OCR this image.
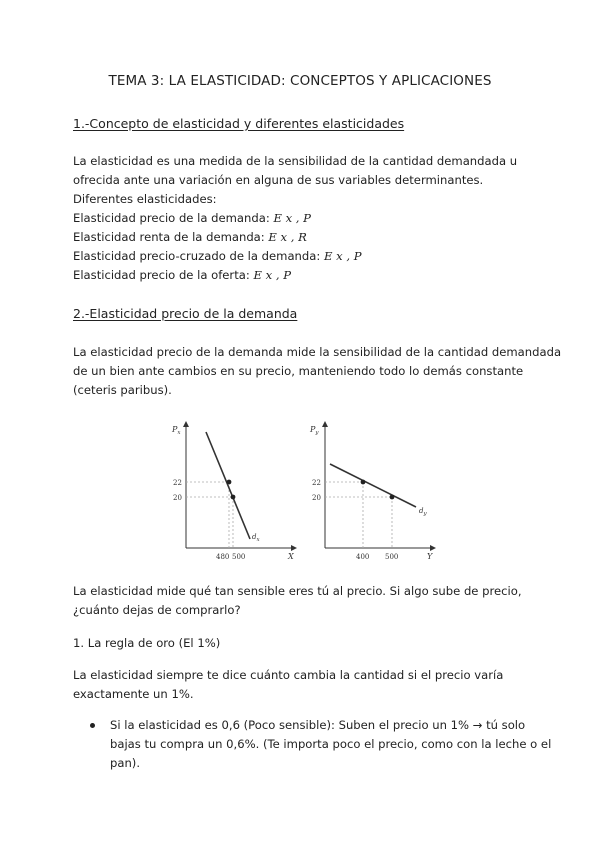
TEMA 3: LA ELASTICIDAD: CONCEPTOS Y APLICACIONES
1.-Concepto de elasticidad y diferentes elasticidades
La elasticidad es una medida de la sensibilidad de la cantidad demandada u
ofrecida ante una variación en alguna de sus variables determinantes.
Diferentes elasticidades:
Elasticidad precio de la demanda: E x , P
Elasticidad renta de la demanda: E x , R
Elasticidad precio-cruzado de la demanda: E x , P
Elasticidad precio de la oferta: E x , P
2.-Elasticidad precio de la demanda
La elasticidad precio de la demanda mide la sensibilidad de la cantidad demandada
de un bien ante cambios en su precio, manteniendo todo lo demás constante
(ceteris paribus).
$P_x$
22
20
480 500	X
$d_x$
$P_y$
22
20
400 500	Y
$d_y$
La elasticidad mide qué tan sensible eres tú al precio. Si algo sube de precio,
¿cuánto dejas de comprarlo?
1. La regla de oro (El 1%)
La elasticidad siempre te dice cuánto cambia la cantidad si el precio varía
exactamente un 1%.
Si la elasticidad es 0,6 (Poco sensible): Suben el precio un 1% → tú solo
bajas tu compra un 0,6%. (Te importa poco el precio, como con la leche o el
pan).
